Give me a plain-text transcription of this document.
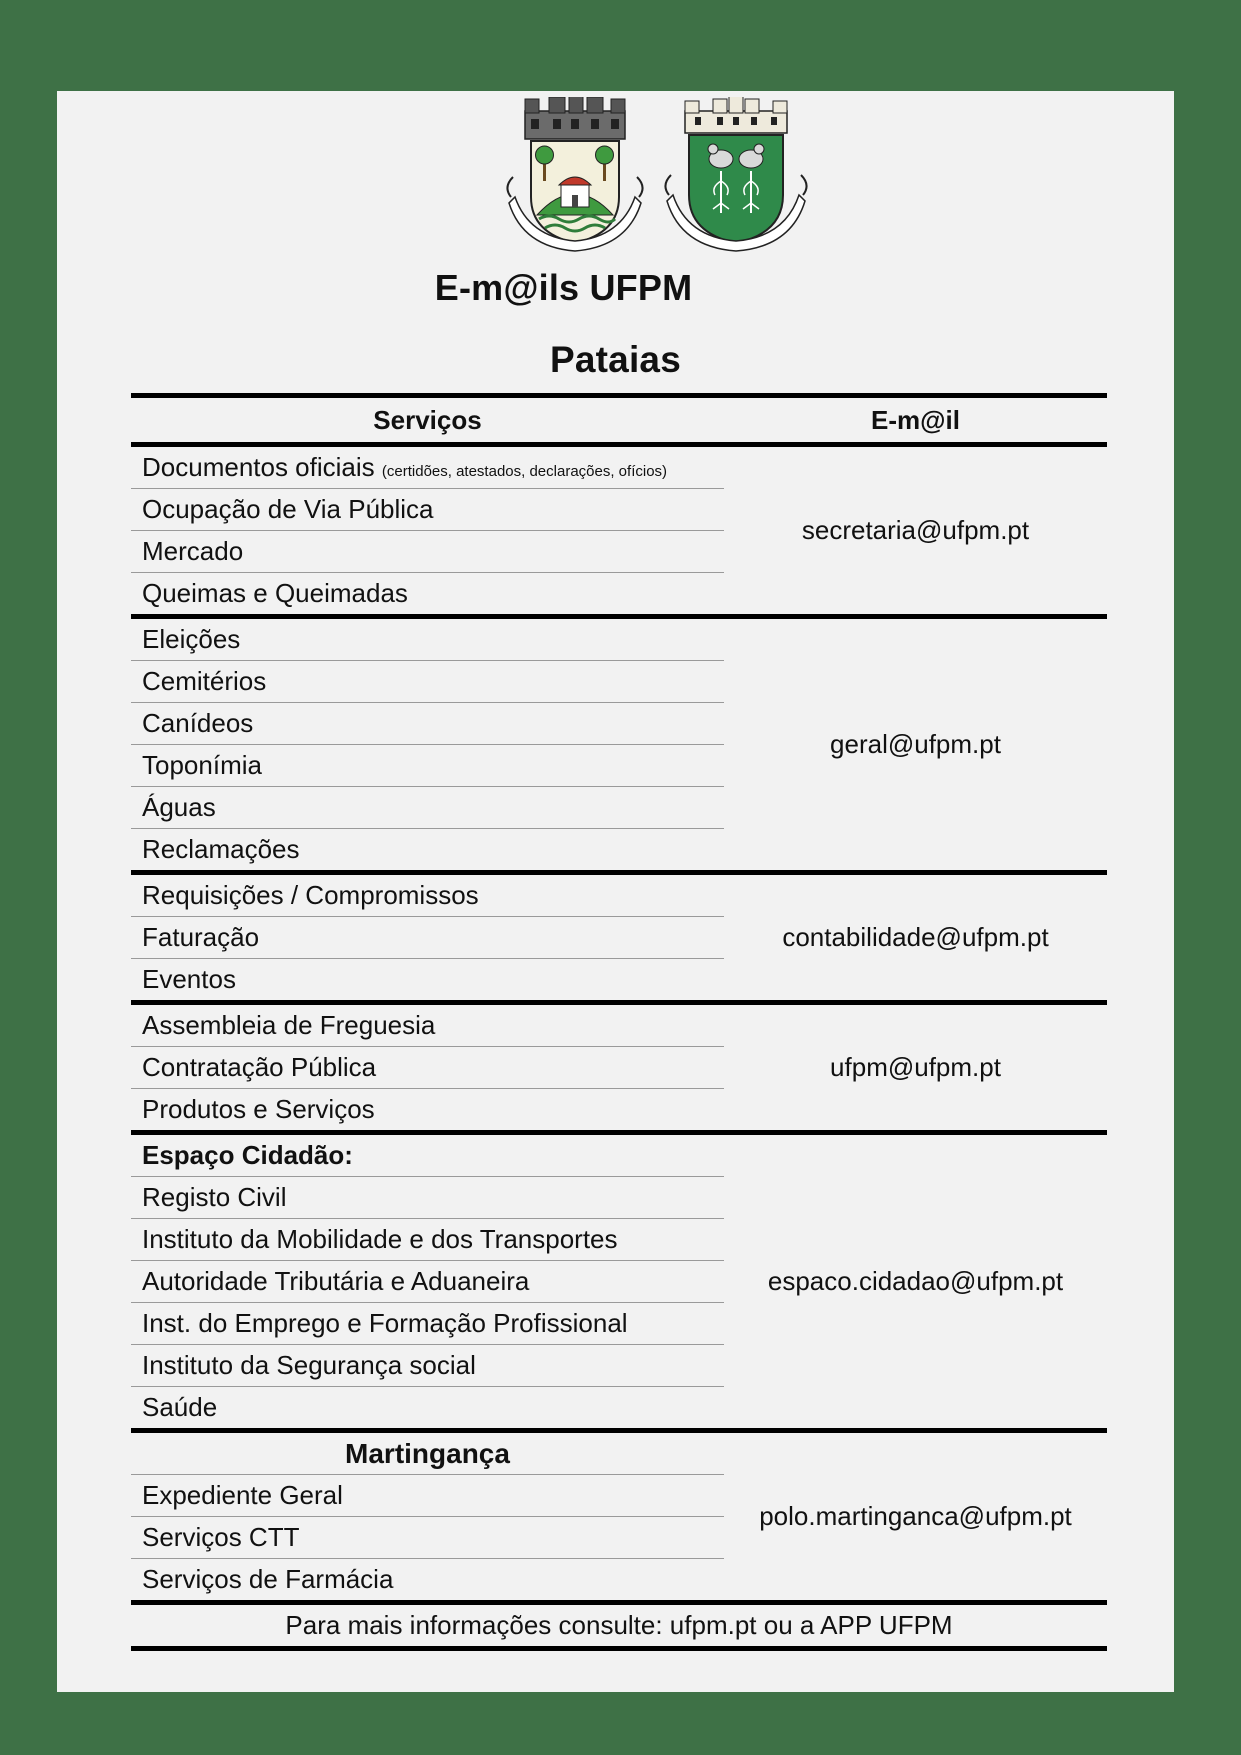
E-m@ils UFPM
Pataias
Serviços	E-m@il
Documentos oficiais (certidões, atestados, declarações, ofícios)
Ocupação de Via Pública
Mercado
Queimas e Queimadas
secretaria@ufpm.pt
Eleições
Cemitérios
Canídeos
Toponímia
Águas
Reclamações
geral@ufpm.pt
Requisições / Compromissos
Faturação
Eventos
contabilidade@ufpm.pt
Assembleia de Freguesia
Contratação Pública
Produtos e Serviços
ufpm@ufpm.pt
Espaço Cidadão:
Registo Civil
Instituto da Mobilidade e dos Transportes
Autoridade Tributária e Aduaneira
Inst. do Emprego e Formação Profissional
Instituto da Segurança social
Saúde
espaco.cidadao@ufpm.pt
Martingança
Expediente Geral
Serviços CTT
Serviços de Farmácia
polo.martinganca@ufpm.pt
Para mais informações consulte: ufpm.pt ou a APP UFPM
